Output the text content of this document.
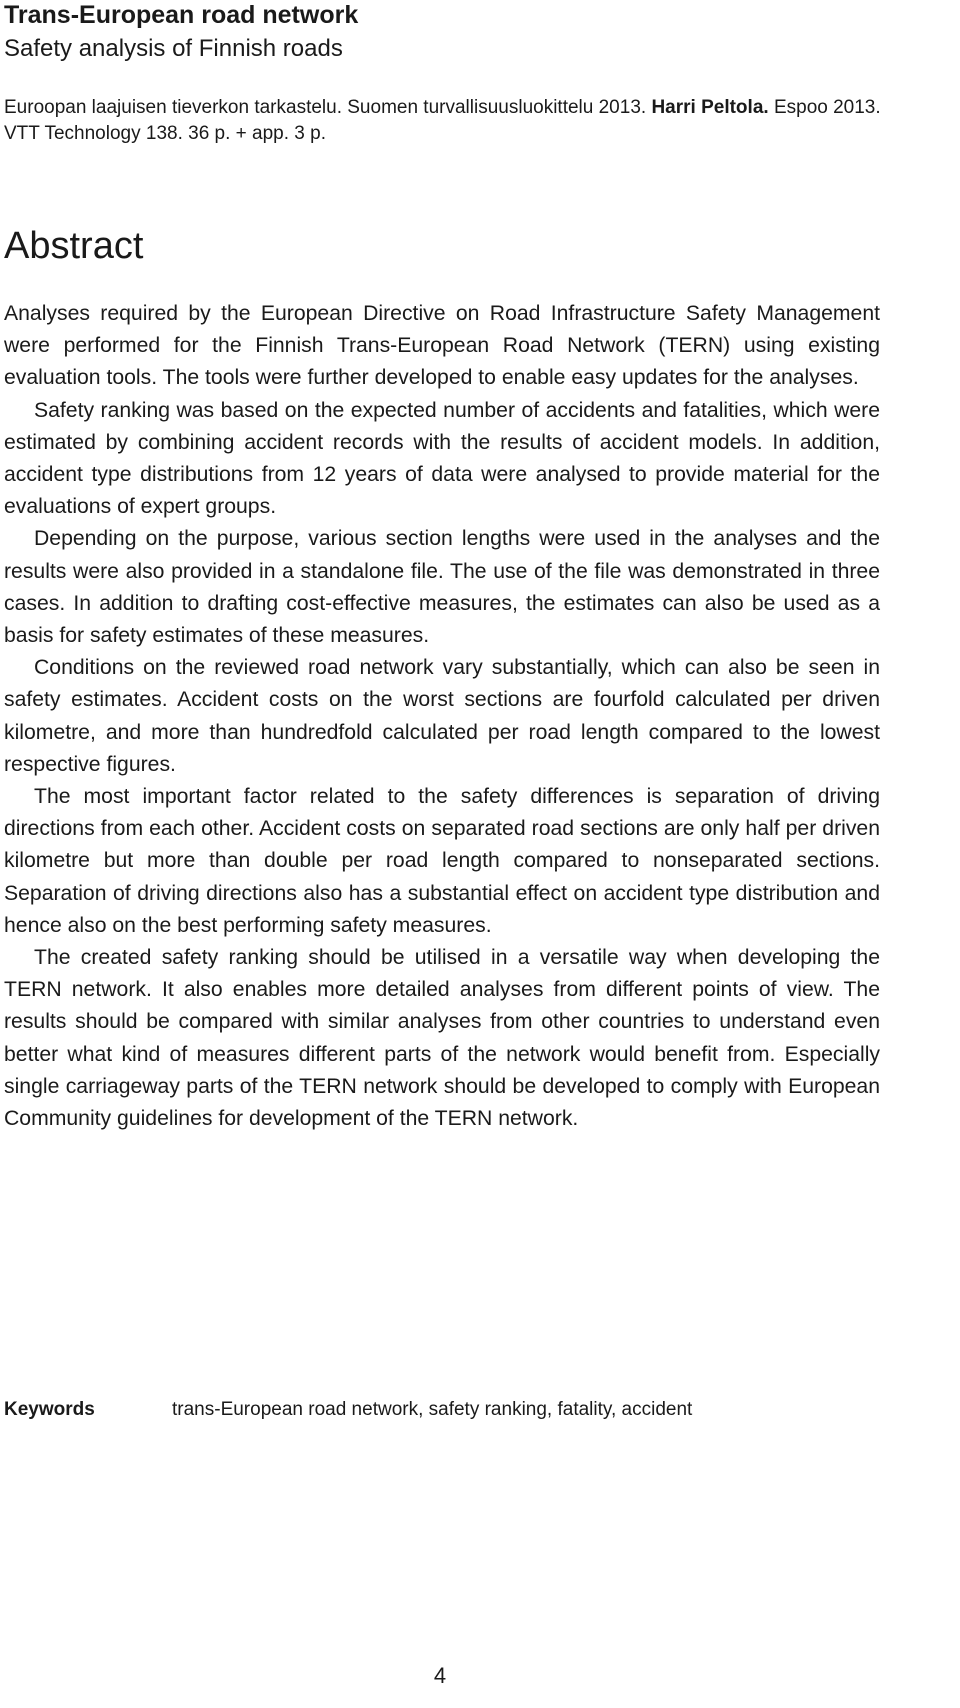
Trans-European road network
Safety analysis of Finnish roads
Euroopan laajuisen tieverkon tarkastelu. Suomen turvallisuusluokittelu 2013. Harri Peltola. Espoo 2013. VTT Technology 138. 36 p. + app. 3 p.
Abstract

Analyses required by the European Directive on Road Infrastructure Safety Management were performed for the Finnish Trans-European Road Network (TERN) using existing evaluation tools. The tools were further developed to enable easy updates for the analyses.

Safety ranking was based on the expected number of accidents and fatalities, which were estimated by combining accident records with the results of accident models. In addition, accident type distributions from 12 years of data were analysed to provide material for the evaluations of expert groups.

Depending on the purpose, various section lengths were used in the analyses and the results were also provided in a standalone file. The use of the file was demonstrated in three cases. In addition to drafting cost-effective measures, the estimates can also be used as a basis for safety estimates of these measures.

Conditions on the reviewed road network vary substantially, which can also be seen in safety estimates. Accident costs on the worst sections are fourfold calculated per driven kilometre, and more than hundredfold calculated per road length compared to the lowest respective figures.

The most important factor related to the safety differences is separation of driving directions from each other. Accident costs on separated road sections are only half per driven kilometre but more than double per road length compared to nonseparated sections. Separation of driving directions also has a substantial effect on accident type distribution and hence also on the best performing safety measures.

The created safety ranking should be utilised in a versatile way when developing the TERN network. It also enables more detailed analyses from different points of view. The results should be compared with similar analyses from other countries to understand even better what kind of measures different parts of the network would benefit from. Especially single carriageway parts of the TERN network should be developed to comply with European Community guidelines for development of the TERN network.

Keywords	trans-European road network, safety ranking, fatality, accident
4
